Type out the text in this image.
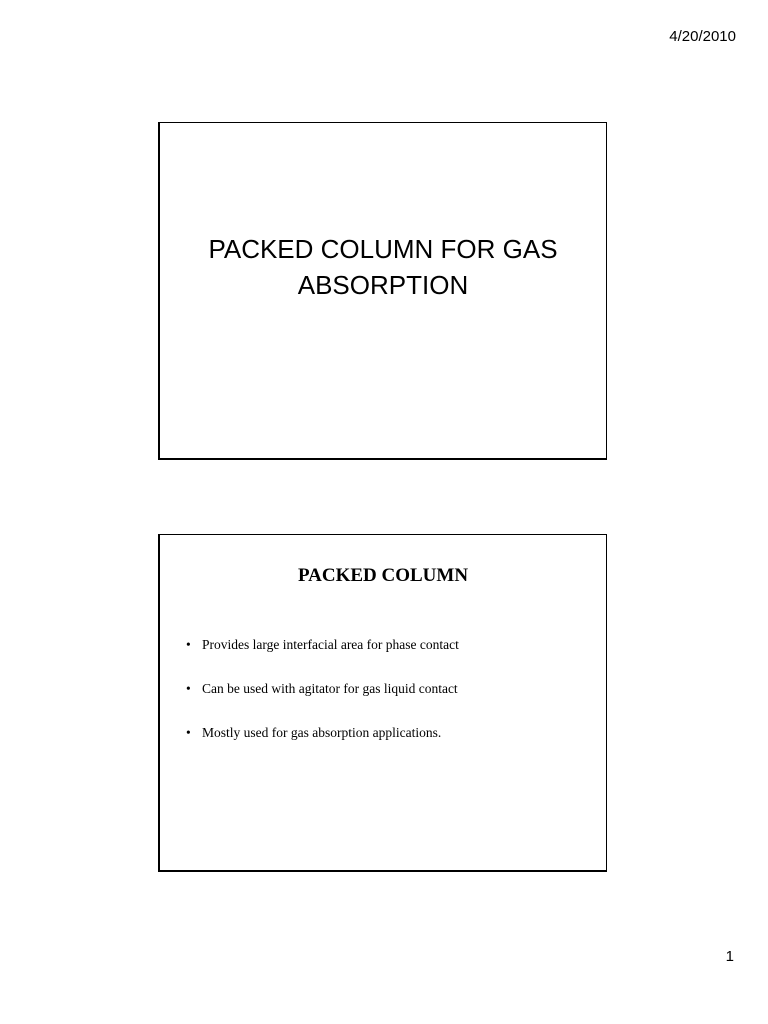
4/20/2010
PACKED COLUMN FOR GAS ABSORPTION
PACKED COLUMN
• Provides large interfacial area for phase contact
• Can be used with agitator for gas liquid contact
• Mostly used for gas absorption applications.
1
